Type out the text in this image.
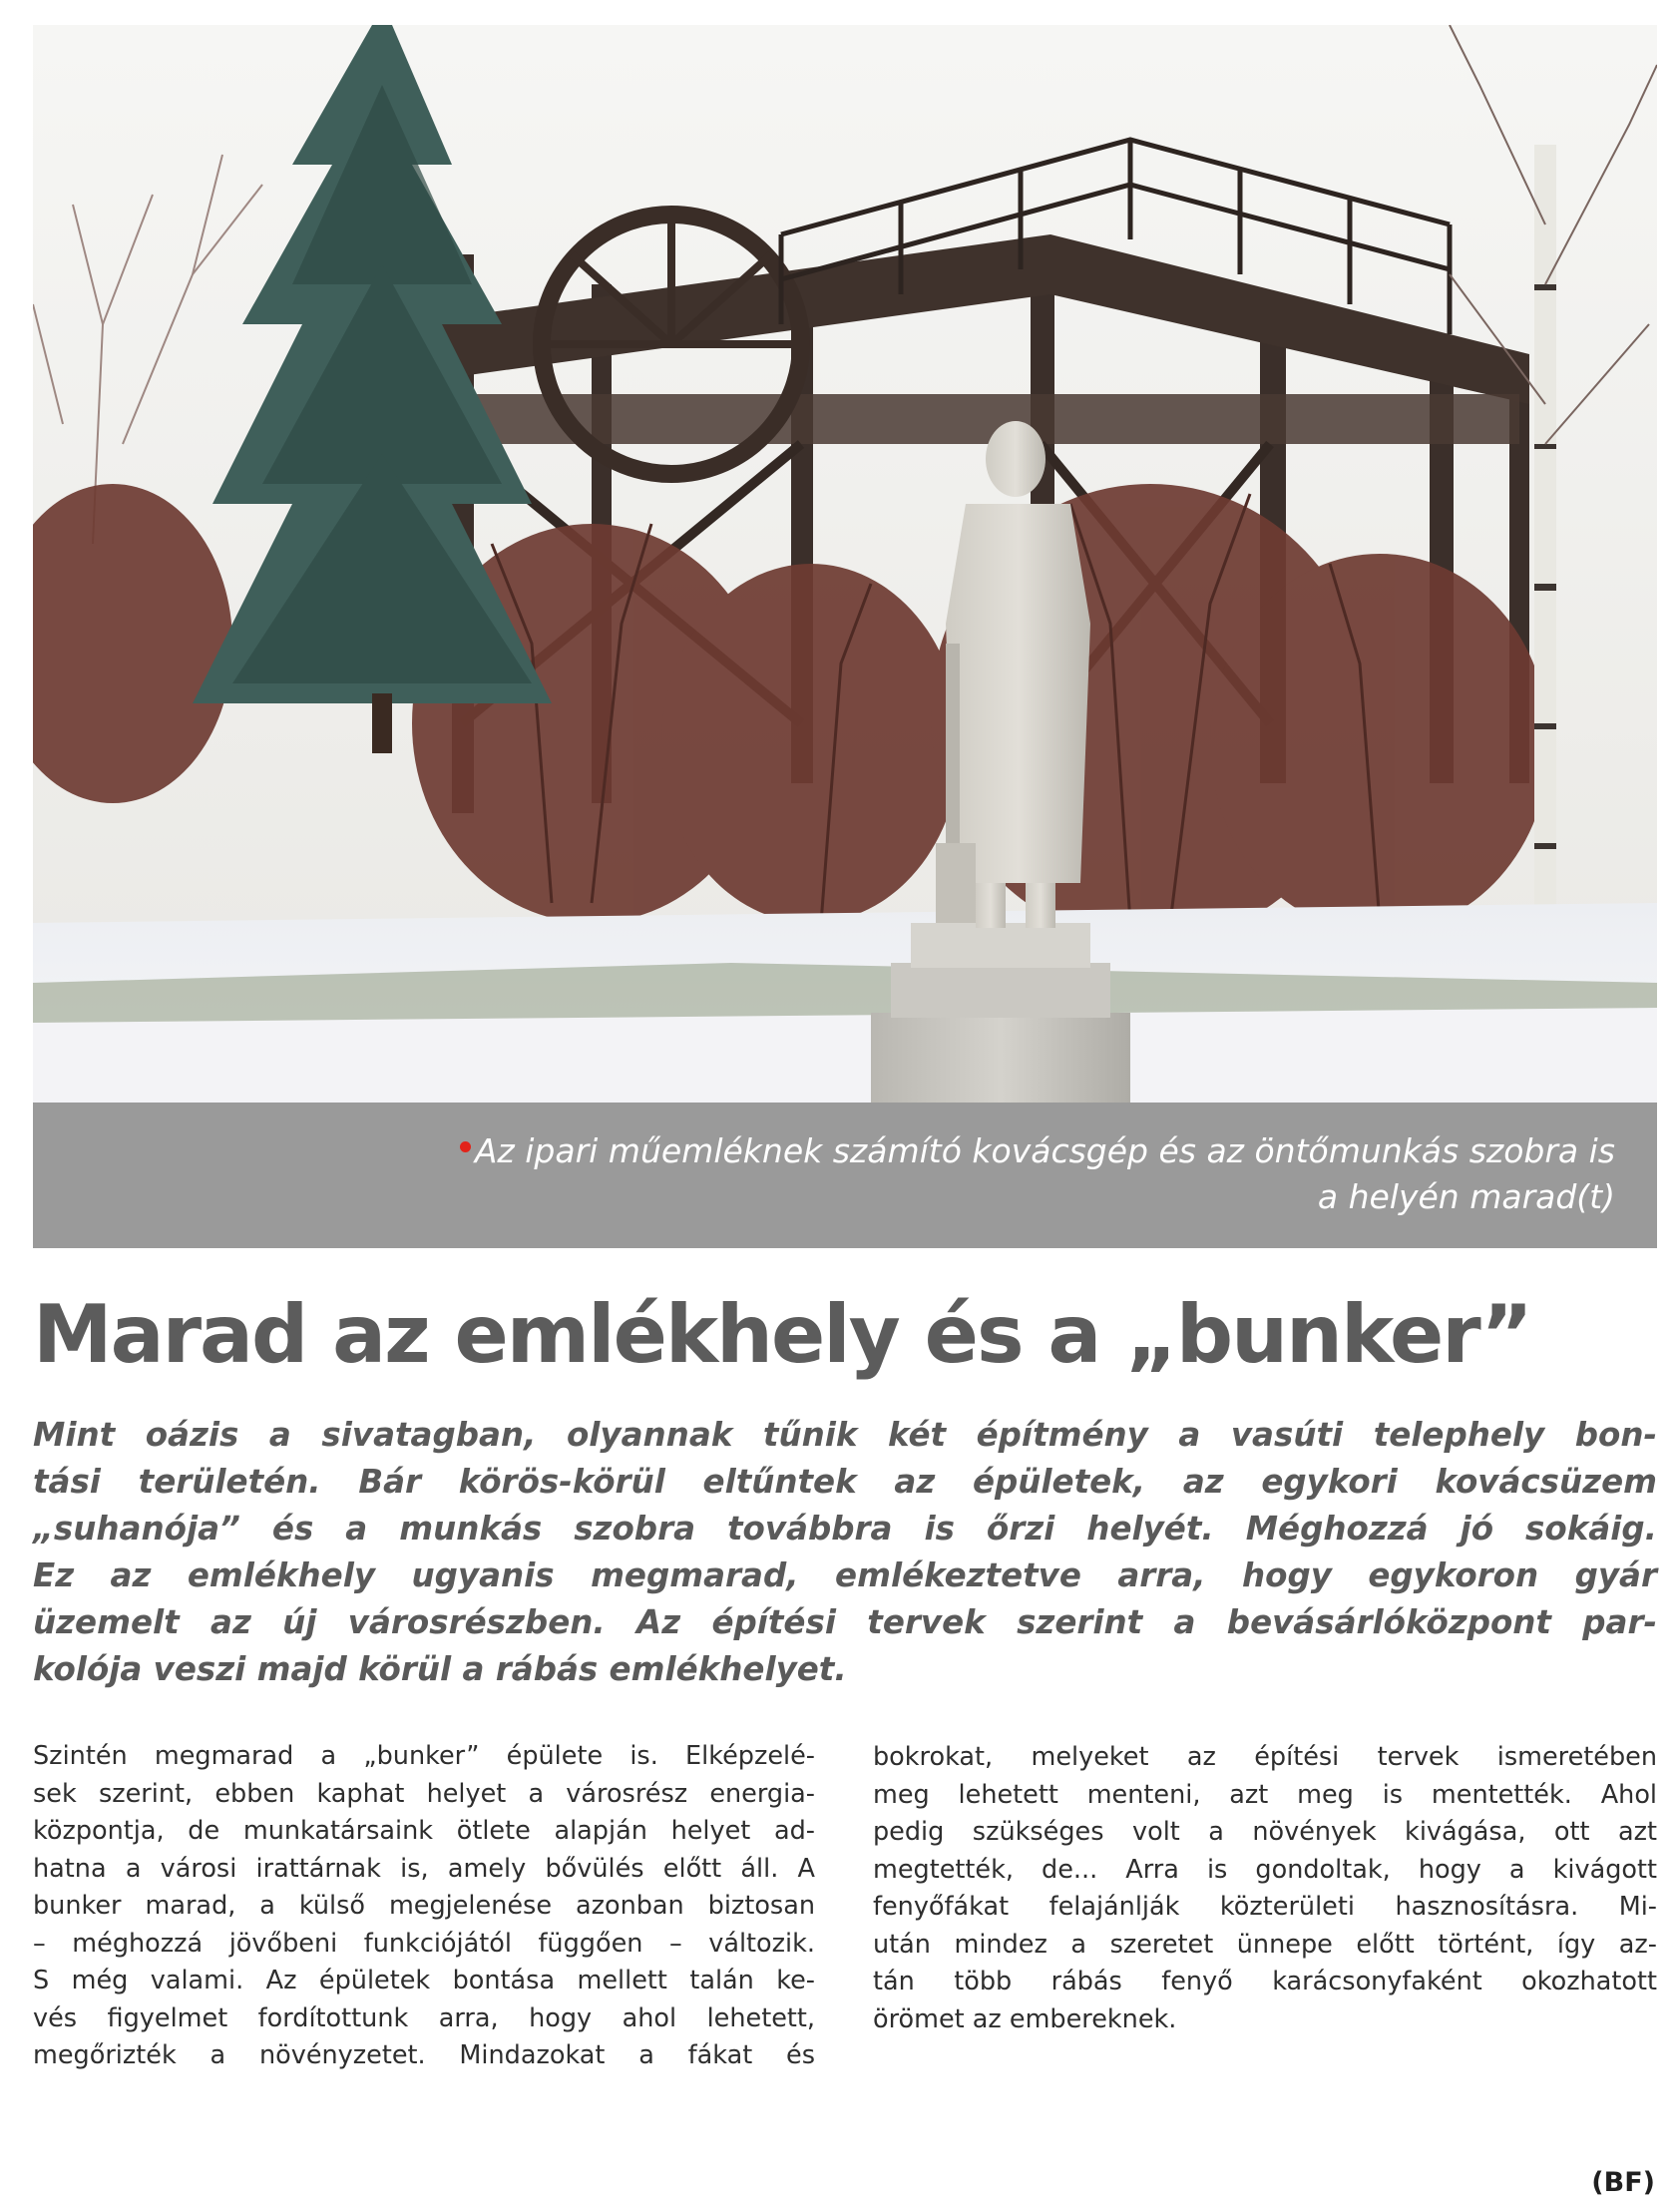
Az ipari műemléknek számító kovácsgép és az öntőmunkás szobra is
a helyén marad(t)
Marad az emlékhely és a „bunker”
Mint oázis a sivatagban, olyannak tűnik két építmény a vasúti telephely bon-
tási területén. Bár körös-körül eltűntek az épületek, az egykori kovácsüzem
„suhanója” és a munkás szobra továbbra is őrzi helyét. Méghozzá jó sokáig.
Ez az emlékhely ugyanis megmarad, emlékeztetve arra, hogy egykoron gyár
üzemelt az új városrészben. Az építési tervek szerint a bevásárlóközpont par-
kolója veszi majd körül a rábás emlékhelyet.
Szintén megmarad a „bunker” épülete is. Elképzelé-
sek szerint, ebben kaphat helyet a városrész energia-
központja, de munkatársaink ötlete alapján helyet ad-
hatna a városi irattárnak is, amely bővülés előtt áll. A
bunker marad, a külső megjelenése azonban biztosan
– méghozzá jövőbeni funkciójától függően – változik.
S még valami. Az épületek bontása mellett talán ke-
vés figyelmet fordítottunk arra, hogy ahol lehetett,
megőrizték a növényzetet. Mindazokat a fákat és
bokrokat, melyeket az építési tervek ismeretében
meg lehetett menteni, azt meg is mentették. Ahol
pedig szükséges volt a növények kivágása, ott azt
megtették, de... Arra is gondoltak, hogy a kivágott
fenyőfákat felajánlják közterületi hasznosításra. Mi-
után mindez a szeretet ünnepe előtt történt, így az-
tán több rábás fenyő karácsonyfaként okozhatott
örömet az embereknek.
(BF)
